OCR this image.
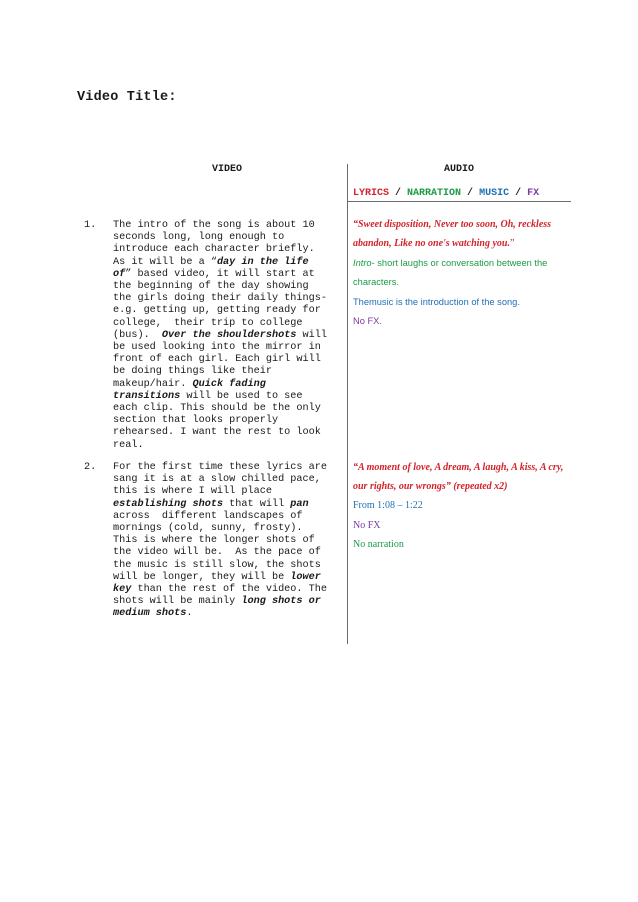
Video Title:
VIDEO	AUDIO
LYRICS / NARRATION / MUSIC / FX
1. The intro of the song is about 10
seconds long, long enough to
introduce each character briefly.
As it will be a “day in the life
of” based video, it will start at
the beginning of the day showing
the girls doing their daily things-
e.g. getting up, getting ready for
college,  their trip to college
(bus).  Over the shouldershots will
be used looking into the mirror in
front of each girl. Each girl will
be doing things like their
makeup/hair. Quick fading
transitions will be used to see
each clip. This should be the only
section that looks properly
rehearsed. I want the rest to look
real.

“Sweet disposition, Never too soon, Oh, reckless abandon, Like no one's watching you.”

Intro- short laughs or conversation between the characters.

Themusic is the introduction of the song.

No FX.

2. For the first time these lyrics are
sang it is at a slow chilled pace,
this is where I will place
establishing shots that will pan
across  different landscapes of
mornings (cold, sunny, frosty).
This is where the longer shots of
the video will be.  As the pace of
the music is still slow, the shots
will be longer, they will be lower
key than the rest of the video. The
shots will be mainly long shots or
medium shots.

“A moment of love, A dream, A laugh, A kiss, A cry, our rights, our wrongs” (repeated x2)

From 1:08 – 1:22

No FX

No narration
